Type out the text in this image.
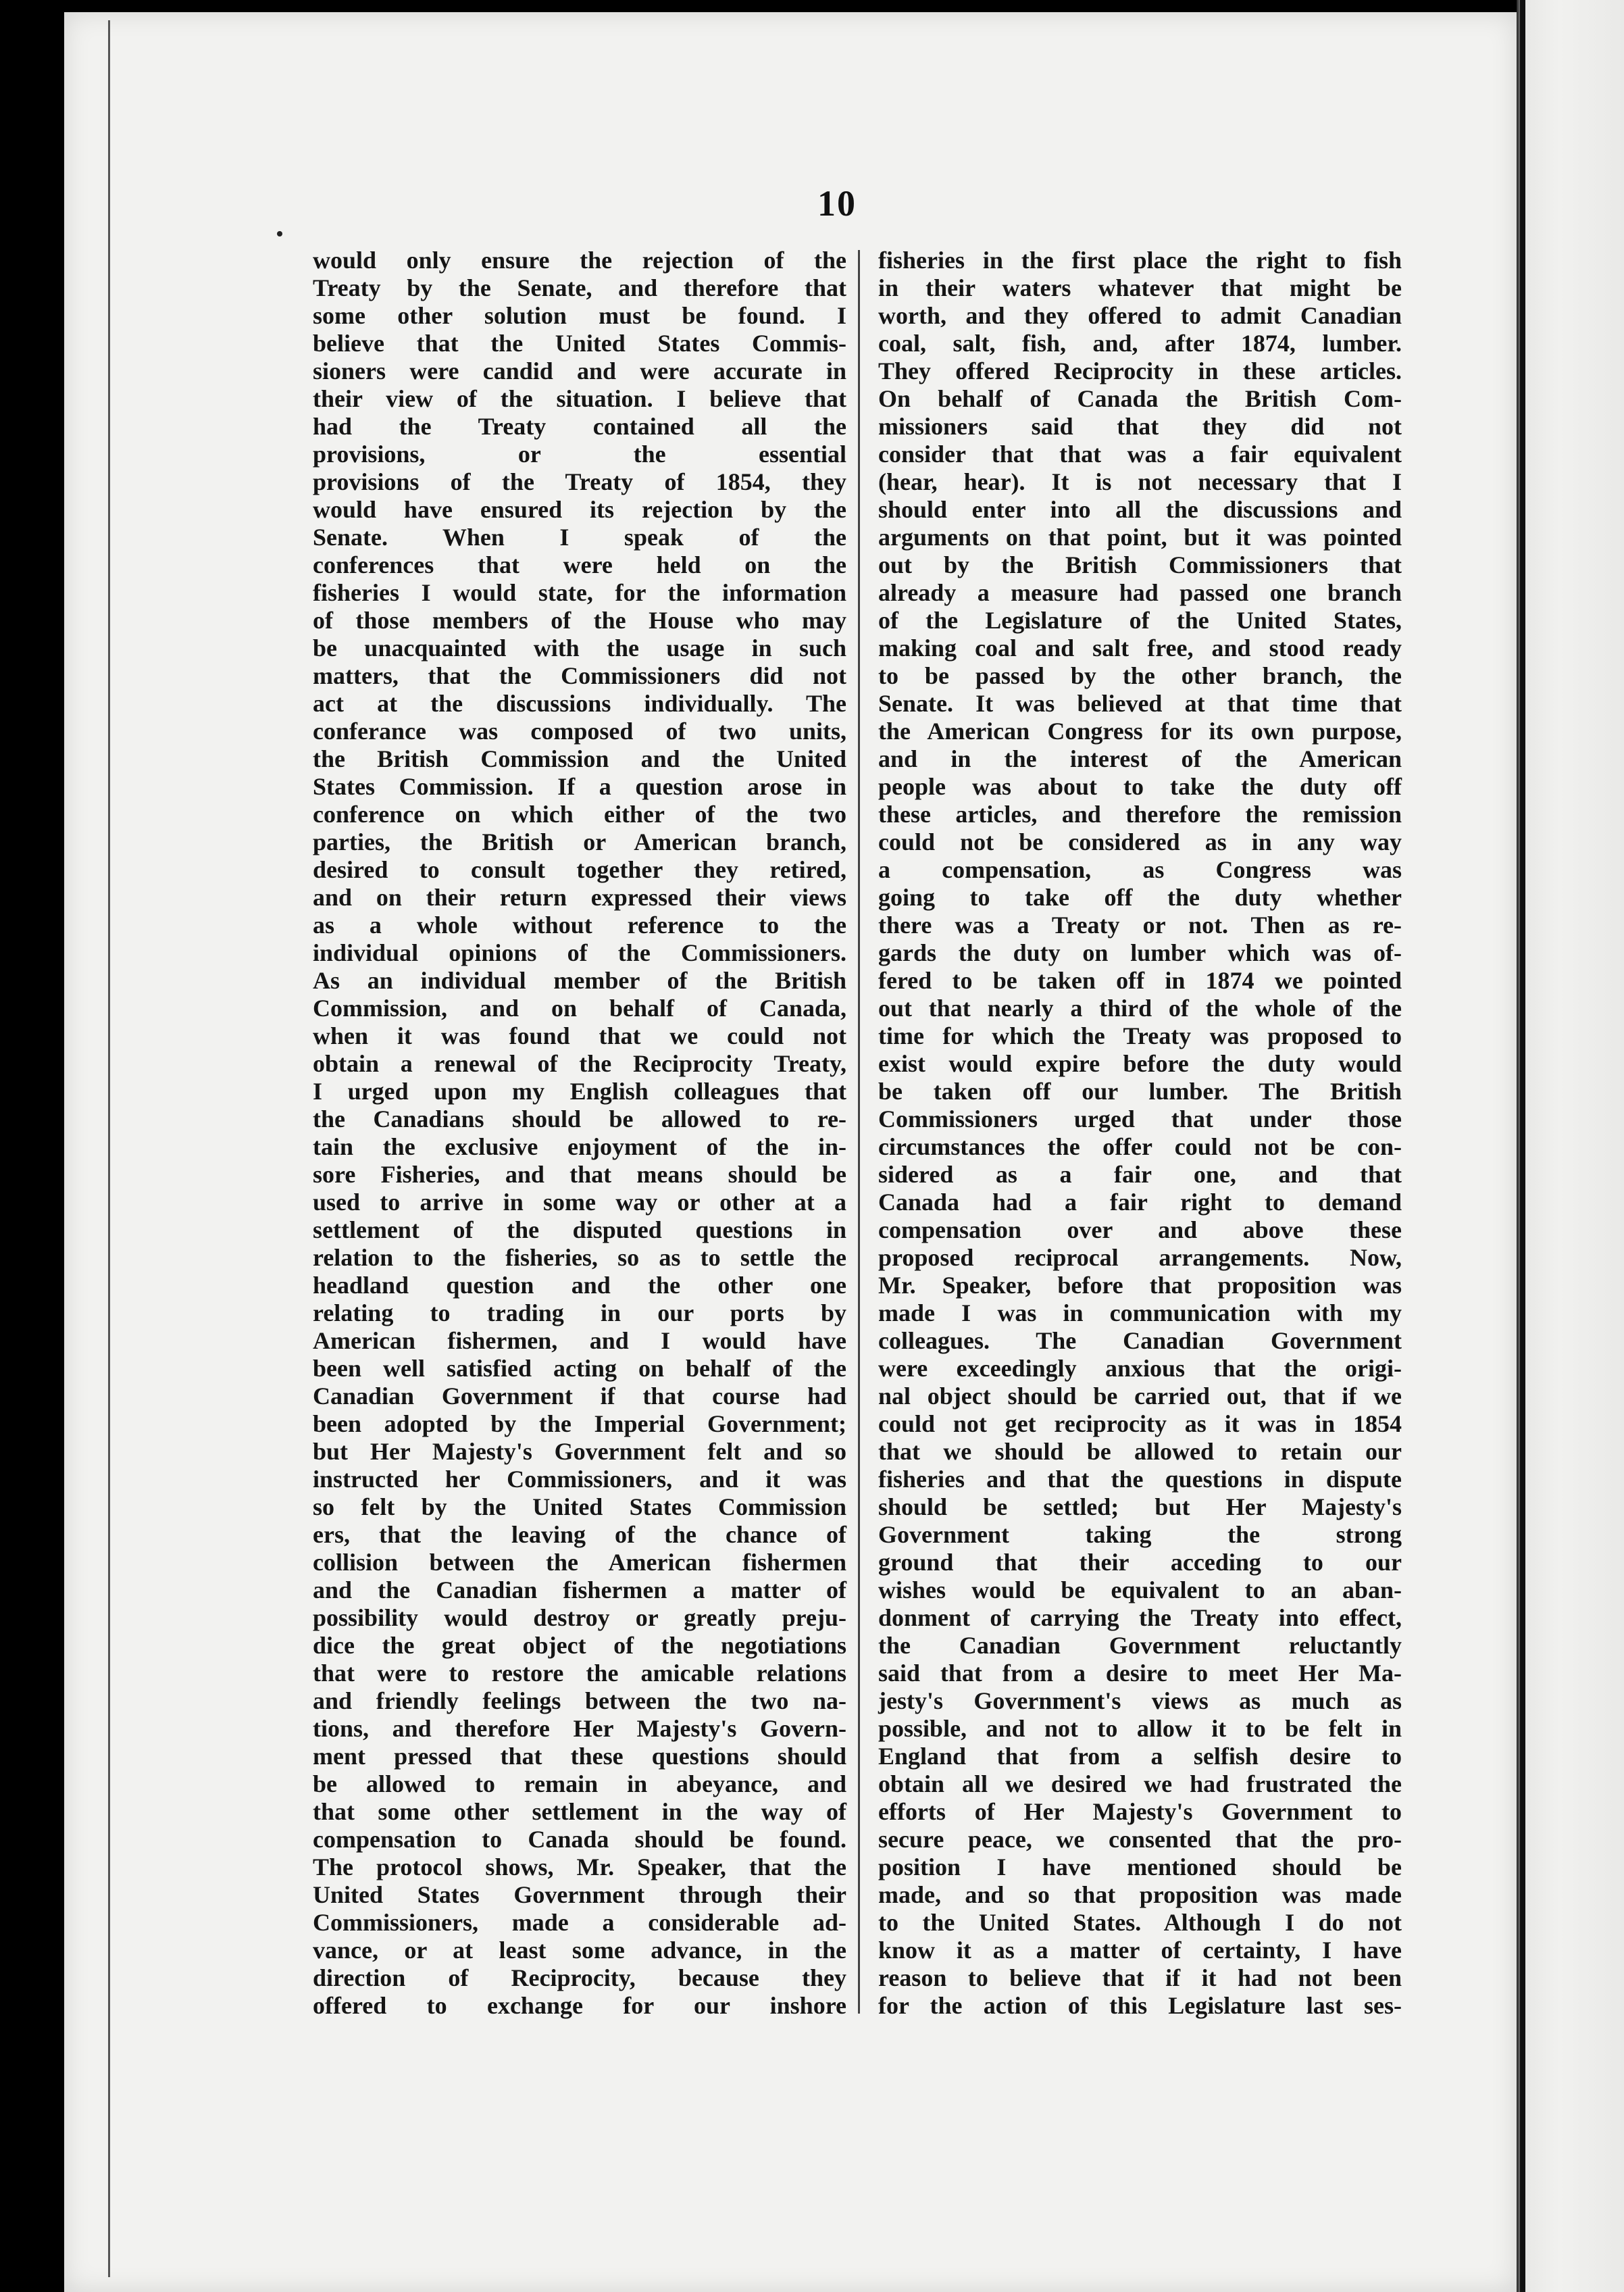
10
would only ensure the rejection of the
Treaty by the Senate, and therefore that
some other solution must be found. I
believe that the United States Commis-
sioners were candid and were accurate in
their view of the situation. I believe that
had the Treaty contained all the
provisions, or the essential
provisions of the Treaty of 1854, they
would have ensured its rejection by the
Senate. When I speak of the
conferences that were held on the
fisheries I would state, for the information
of those members of the House who may
be unacquainted with the usage in such
matters, that the Commissioners did not
act at the discussions individually. The
conferance was composed of two units,
the British Commission and the United
States Commission. If a question arose in
conference on which either of the two
parties, the British or American branch,
desired to consult together they retired,
and on their return expressed their views
as a whole without reference to the
individual opinions of the Commissioners.
As an individual member of the British
Commission, and on behalf of Canada,
when it was found that we could not
obtain a renewal of the Reciprocity Treaty,
I urged upon my English colleagues that
the Canadians should be allowed to re-
tain the exclusive enjoyment of the in-
sore Fisheries, and that means should be
used to arrive in some way or other at a
settlement of the disputed questions in
relation to the fisheries, so as to settle the
headland question and the other one
relating to trading in our ports by
American fishermen, and I would have
been well satisfied acting on behalf of the
Canadian Government if that course had
been adopted by the Imperial Government;
but Her Majesty's Government felt and so
instructed her Commissioners, and it was
so felt by the United States Commission
ers, that the leaving of the chance of
collision between the American fishermen
and the Canadian fishermen a matter of
possibility would destroy or greatly preju-
dice the great object of the negotiations
that were to restore the amicable relations
and friendly feelings between the two na-
tions, and therefore Her Majesty's Govern-
ment pressed that these questions should
be allowed to remain in abeyance, and
that some other settlement in the way of
compensation to Canada should be found.
The protocol shows, Mr. Speaker, that the
United States Government through their
Commissioners, made a considerable ad-
vance, or at least some advance, in the
direction of Reciprocity, because they
offered to exchange for our inshore
fisheries in the first place the right to fish
in their waters whatever that might be
worth, and they offered to admit Canadian
coal, salt, fish, and, after 1874, lumber.
They offered Reciprocity in these articles.
On behalf of Canada the British Com-
missioners said that they did not
consider that that was a fair equivalent
(hear, hear). It is not necessary that I
should enter into all the discussions and
arguments on that point, but it was pointed
out by the British Commissioners that
already a measure had passed one branch
of the Legislature of the United States,
making coal and salt free, and stood ready
to be passed by the other branch, the
Senate. It was believed at that time that
the American Congress for its own purpose,
and in the interest of the American
people was about to take the duty off
these articles, and therefore the remission
could not be considered as in any way
a compensation, as Congress was
going to take off the duty whether
there was a Treaty or not. Then as re-
gards the duty on lumber which was of-
fered to be taken off in 1874 we pointed
out that nearly a third of the whole of the
time for which the Treaty was proposed to
exist would expire before the duty would
be taken off our lumber. The British
Commissioners urged that under those
circumstances the offer could not be con-
sidered as a fair one, and that
Canada had a fair right to demand
compensation over and above these
proposed reciprocal arrangements. Now,
Mr. Speaker, before that proposition was
made I was in communication with my
colleagues. The Canadian Government
were exceedingly anxious that the origi-
nal object should be carried out, that if we
could not get reciprocity as it was in 1854
that we should be allowed to retain our
fisheries and that the questions in dispute
should be settled; but Her Majesty's
Government taking the strong
ground that their acceding to our
wishes would be equivalent to an aban-
donment of carrying the Treaty into effect,
the Canadian Government reluctantly
said that from a desire to meet Her Ma-
jesty's Government's views as much as
possible, and not to allow it to be felt in
England that from a selfish desire to
obtain all we desired we had frustrated the
efforts of Her Majesty's Government to
secure peace, we consented that the pro-
position I have mentioned should be
made, and so that proposition was made
to the United States. Although I do not
know it as a matter of certainty, I have
reason to believe that if it had not been
for the action of this Legislature last ses-
